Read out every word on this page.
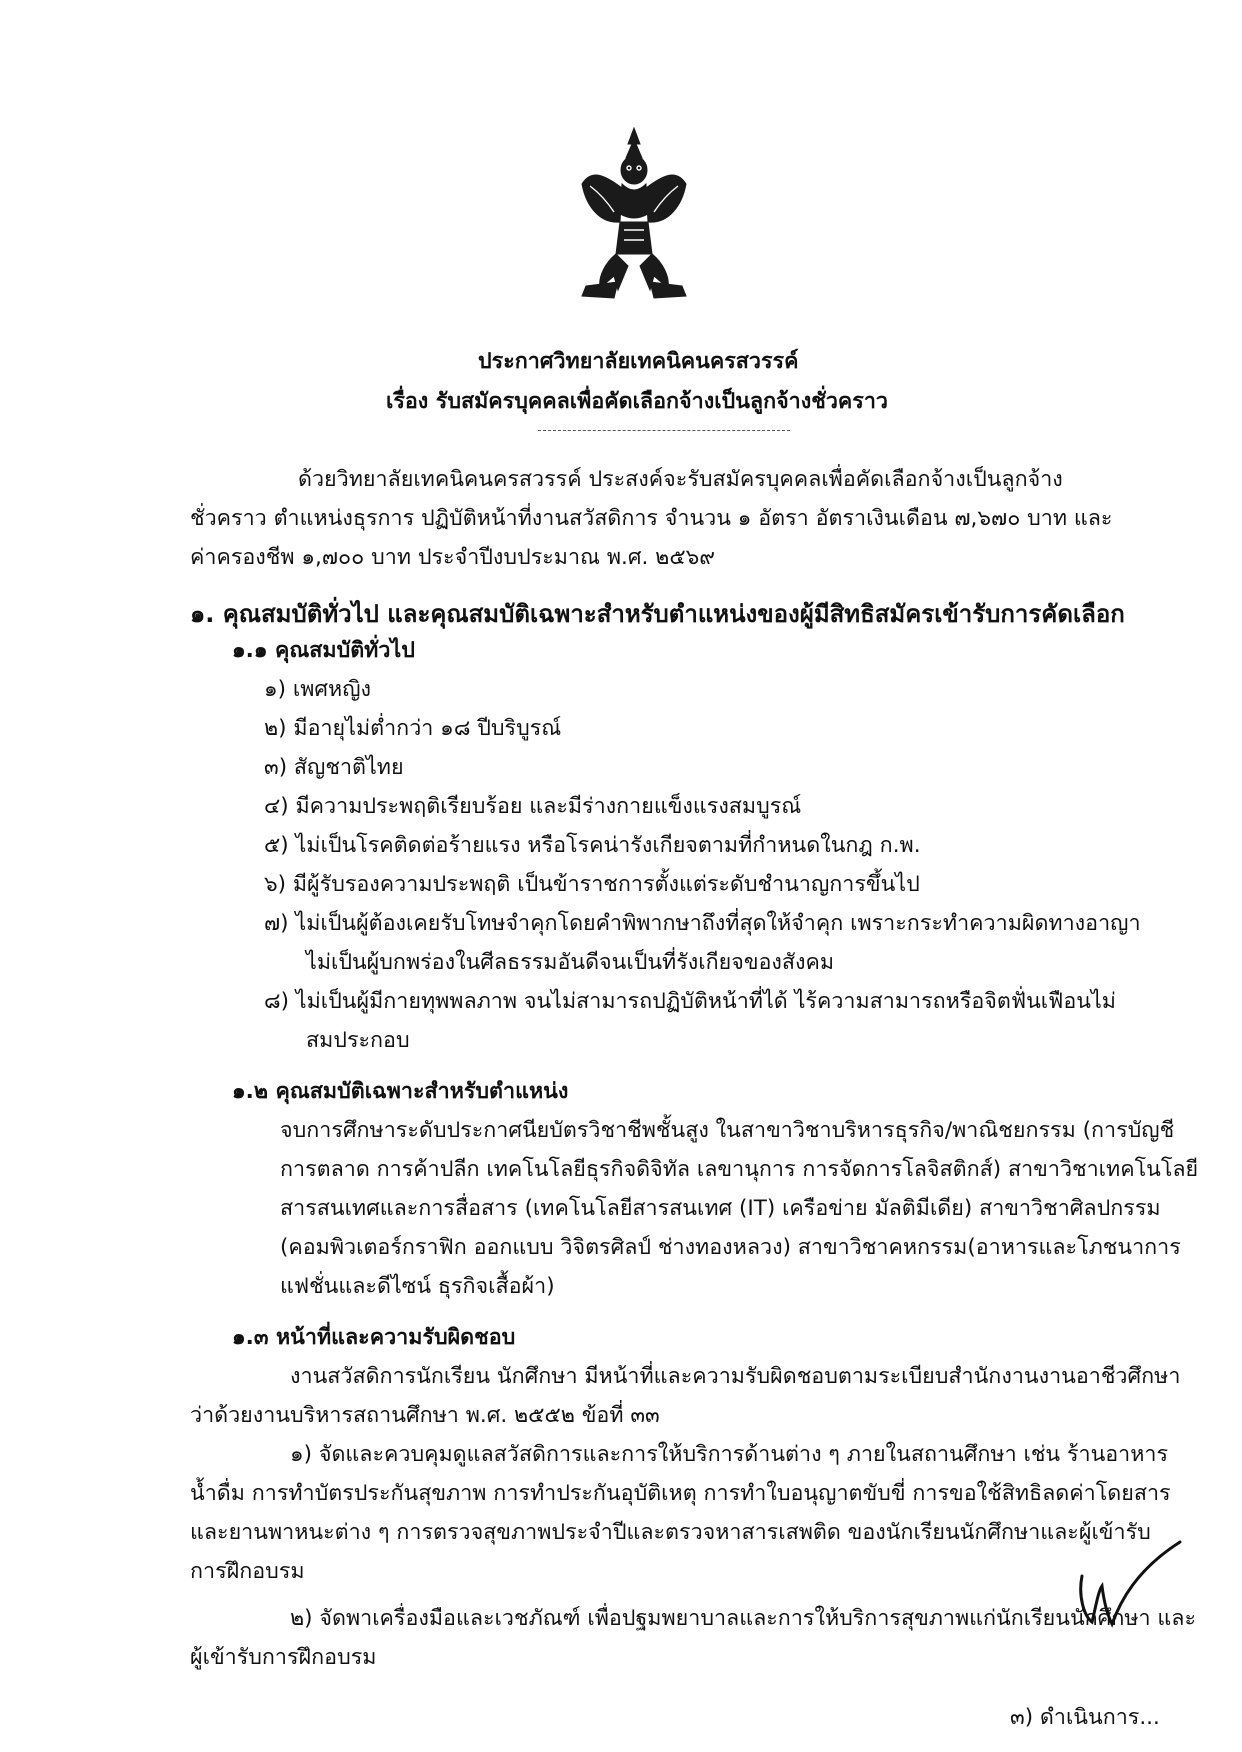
ประกาศวิทยาลัยเทคนิคนครสวรรค์
เรื่อง รับสมัครบุคคลเพื่อคัดเลือกจ้างเป็นลูกจ้างชั่วคราว
ด้วยวิทยาลัยเทคนิคนครสวรรค์ ประสงค์จะรับสมัครบุคคลเพื่อคัดเลือกจ้างเป็นลูกจ้าง
ชั่วคราว ตำแหน่งธุรการ ปฏิบัติหน้าที่งานสวัสดิการ จำนวน ๑ อัตรา อัตราเงินเดือน ๗,๖๗๐ บาท และ
ค่าครองชีพ ๑,๗๐๐ บาท ประจำปีงบประมาณ พ.ศ. ๒๕๖๙
๑. คุณสมบัติทั่วไป และคุณสมบัติเฉพาะสำหรับตำแหน่งของผู้มีสิทธิสมัครเข้ารับการคัดเลือก
๑.๑ คุณสมบัติทั่วไป
๑) เพศหญิง
๒) มีอายุไม่ต่ำกว่า ๑๘ ปีบริบูรณ์
๓) สัญชาติไทย
๔) มีความประพฤติเรียบร้อย และมีร่างกายแข็งแรงสมบูรณ์
๕) ไม่เป็นโรคติดต่อร้ายแรง หรือโรคน่ารังเกียจตามที่กำหนดในกฎ ก.พ.
๖) มีผู้รับรองความประพฤติ เป็นข้าราชการตั้งแต่ระดับชำนาญการขึ้นไป
๗) ไม่เป็นผู้ต้องเคยรับโทษจำคุกโดยคำพิพากษาถึงที่สุดให้จำคุก เพราะกระทำความผิดทางอาญา
ไม่เป็นผู้บกพร่องในศีลธรรมอันดีจนเป็นที่รังเกียจของสังคม
๘) ไม่เป็นผู้มีกายทุพพลภาพ จนไม่สามารถปฏิบัติหน้าที่ได้ ไร้ความสามารถหรือจิตฟั่นเฟือนไม่
สมประกอบ
๑.๒ คุณสมบัติเฉพาะสำหรับตำแหน่ง
จบการศึกษาระดับประกาศนียบัตรวิชาชีพชั้นสูง ในสาขาวิชาบริหารธุรกิจ/พาณิชยกรรม (การบัญชี
การตลาด การค้าปลีก เทคโนโลยีธุรกิจดิจิทัล เลขานุการ การจัดการโลจิสติกส์) สาขาวิชาเทคโนโลยี
สารสนเทศและการสื่อสาร (เทคโนโลยีสารสนเทศ (IT) เครือข่าย มัลติมีเดีย) สาขาวิชาศิลปกรรม
(คอมพิวเตอร์กราฟิก ออกแบบ วิจิตรศิลป์ ช่างทองหลวง) สาขาวิชาคหกรรม(อาหารและโภชนาการ
แฟชั่นและดีไซน์ ธุรกิจเสื้อผ้า)
๑.๓ หน้าที่และความรับผิดชอบ
งานสวัสดิการนักเรียน นักศึกษา มีหน้าที่และความรับผิดชอบตามระเบียบสำนักงานงานอาชีวศึกษา
ว่าด้วยงานบริหารสถานศึกษา พ.ศ. ๒๕๕๒ ข้อที่ ๓๓
๑) จัดและควบคุมดูแลสวัสดิการและการให้บริการด้านต่าง ๆ ภายในสถานศึกษา เช่น ร้านอาหาร
น้ำดื่ม การทำบัตรประกันสุขภาพ การทำประกันอุบัติเหตุ การทำใบอนุญาตขับขี่ การขอใช้สิทธิลดค่าโดยสาร
และยานพาหนะต่าง ๆ การตรวจสุขภาพประจำปีและตรวจหาสารเสพติด ของนักเรียนนักศึกษาและผู้เข้ารับ
การฝึกอบรม
๒) จัดพาเครื่องมือและเวชภัณฑ์ เพื่อปฐมพยาบาลและการให้บริการสุขภาพแก่นักเรียนนักศึกษา และ
ผู้เข้ารับการฝึกอบรม
๓) ดำเนินการ...
